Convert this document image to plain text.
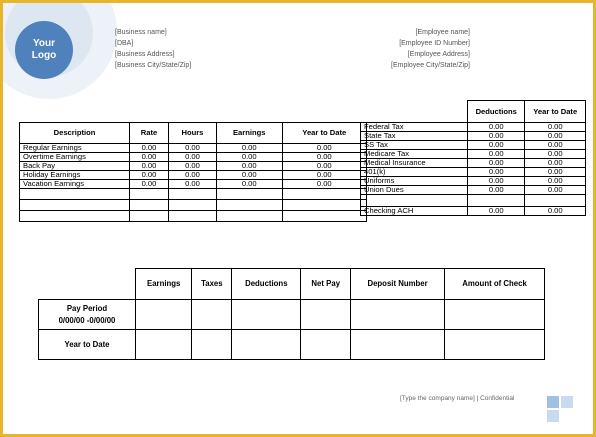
Your
Logo
[Business name]
[DBA]
[Business Address]
[Business City/State/Zip]
[Employee name]
[Employee ID Number]
[Employee Address]
[Employee City/State/Zip]
Description	Rate	Hours	Earnings	Year to Date
Regular Earnings	0.00	0.00	0.00	0.00
Overtime Earnings	0.00	0.00	0.00	0.00
Back Pay	0.00	0.00	0.00	0.00
Holiday Earnings	0.00	0.00	0.00	0.00
Vacation Earnings	0.00	0.00	0.00	0.00

	Deductions	Year to Date
Federal Tax	0.00	0.00
State Tax	0.00	0.00
SS Tax	0.00	0.00
Medicare Tax	0.00	0.00
Medical Insurance	0.00	0.00
401(k)	0.00	0.00
Uniforms	0.00	0.00
Union Dues	0.00	0.00

Checking ACH	0.00	0.00
	Earnings	Taxes	Deductions	Net Pay	Deposit Number	Amount of Check

Pay Period
0/00/00 -0/00/00						

Year to Date						
[Type the company name] | Confidential
